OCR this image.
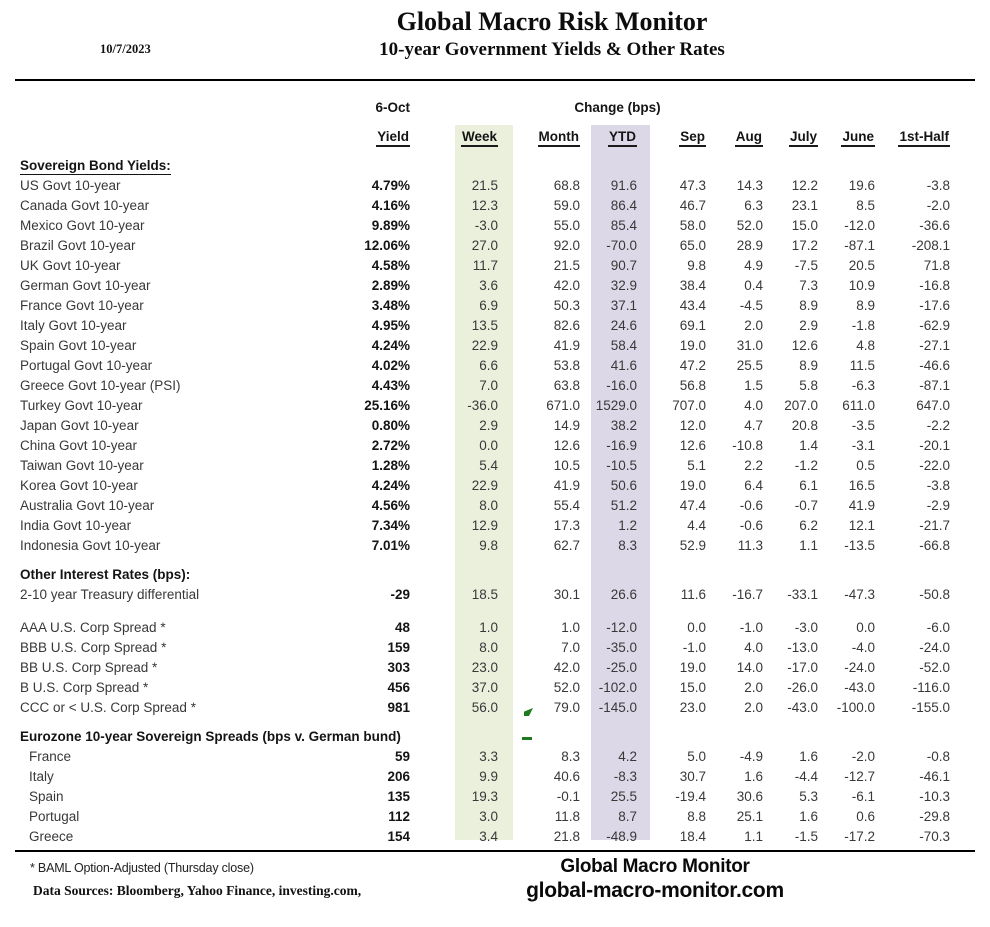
10/7/2023
Global Macro Risk Monitor
10-year Government Yields & Other Rates
6-Oct	Change (bps)
Yield	Week	Month	YTD	Sep	Aug	July	June	1st-Half
Sovereign Bond Yields:
US Govt 10-year	4.79%	21.5	68.8	91.6	47.3	14.3	12.2	19.6	-3.8
Canada Govt 10-year	4.16%	12.3	59.0	86.4	46.7	6.3	23.1	8.5	-2.0
Mexico Govt 10-year	9.89%	-3.0	55.0	85.4	58.0	52.0	15.0	-12.0	-36.6
Brazil Govt 10-year	12.06%	27.0	92.0	-70.0	65.0	28.9	17.2	-87.1	-208.1
UK Govt 10-year	4.58%	11.7	21.5	90.7	9.8	4.9	-7.5	20.5	71.8
German Govt 10-year	2.89%	3.6	42.0	32.9	38.4	0.4	7.3	10.9	-16.8
France Govt 10-year	3.48%	6.9	50.3	37.1	43.4	-4.5	8.9	8.9	-17.6
Italy Govt 10-year	4.95%	13.5	82.6	24.6	69.1	2.0	2.9	-1.8	-62.9
Spain Govt 10-year	4.24%	22.9	41.9	58.4	19.0	31.0	12.6	4.8	-27.1
Portugal Govt 10-year	4.02%	6.6	53.8	41.6	47.2	25.5	8.9	11.5	-46.6
Greece Govt 10-year (PSI)	4.43%	7.0	63.8	-16.0	56.8	1.5	5.8	-6.3	-87.1
Turkey Govt 10-year	25.16%	-36.0	671.0	1529.0	707.0	4.0	207.0	611.0	647.0
Japan Govt 10-year	0.80%	2.9	14.9	38.2	12.0	4.7	20.8	-3.5	-2.2
China Govt 10-year	2.72%	0.0	12.6	-16.9	12.6	-10.8	1.4	-3.1	-20.1
Taiwan Govt 10-year	1.28%	5.4	10.5	-10.5	5.1	2.2	-1.2	0.5	-22.0
Korea Govt 10-year	4.24%	22.9	41.9	50.6	19.0	6.4	6.1	16.5	-3.8
Australia Govt 10-year	4.56%	8.0	55.4	51.2	47.4	-0.6	-0.7	41.9	-2.9
India Govt 10-year	7.34%	12.9	17.3	1.2	4.4	-0.6	6.2	12.1	-21.7
Indonesia Govt 10-year	7.01%	9.8	62.7	8.3	52.9	11.3	1.1	-13.5	-66.8
Other Interest Rates (bps):
2-10 year Treasury differential	-29	18.5	30.1	26.6	11.6	-16.7	-33.1	-47.3	-50.8
AAA U.S. Corp Spread *	48	1.0	1.0	-12.0	0.0	-1.0	-3.0	0.0	-6.0
BBB U.S. Corp Spread *	159	8.0	7.0	-35.0	-1.0	4.0	-13.0	-4.0	-24.0
BB U.S. Corp Spread *	303	23.0	42.0	-25.0	19.0	14.0	-17.0	-24.0	-52.0
B U.S. Corp Spread *	456	37.0	52.0	-102.0	15.0	2.0	-26.0	-43.0	-116.0
CCC or < U.S. Corp Spread *	981	56.0	79.0	-145.0	23.0	2.0	-43.0	-100.0	-155.0
Eurozone 10-year Sovereign Spreads (bps v. German bund)
France	59	3.3	8.3	4.2	5.0	-4.9	1.6	-2.0	-0.8
Italy	206	9.9	40.6	-8.3	30.7	1.6	-4.4	-12.7	-46.1
Spain	135	19.3	-0.1	25.5	-19.4	30.6	5.3	-6.1	-10.3
Portugal	112	3.0	11.8	8.7	8.8	25.1	1.6	0.6	-29.8
Greece	154	3.4	21.8	-48.9	18.4	1.1	-1.5	-17.2	-70.3
* BAML Option-Adjusted (Thursday close)
Data Sources: Bloomberg, Yahoo Finance, investing.com,
Global Macro Monitor
global-macro-monitor.com
